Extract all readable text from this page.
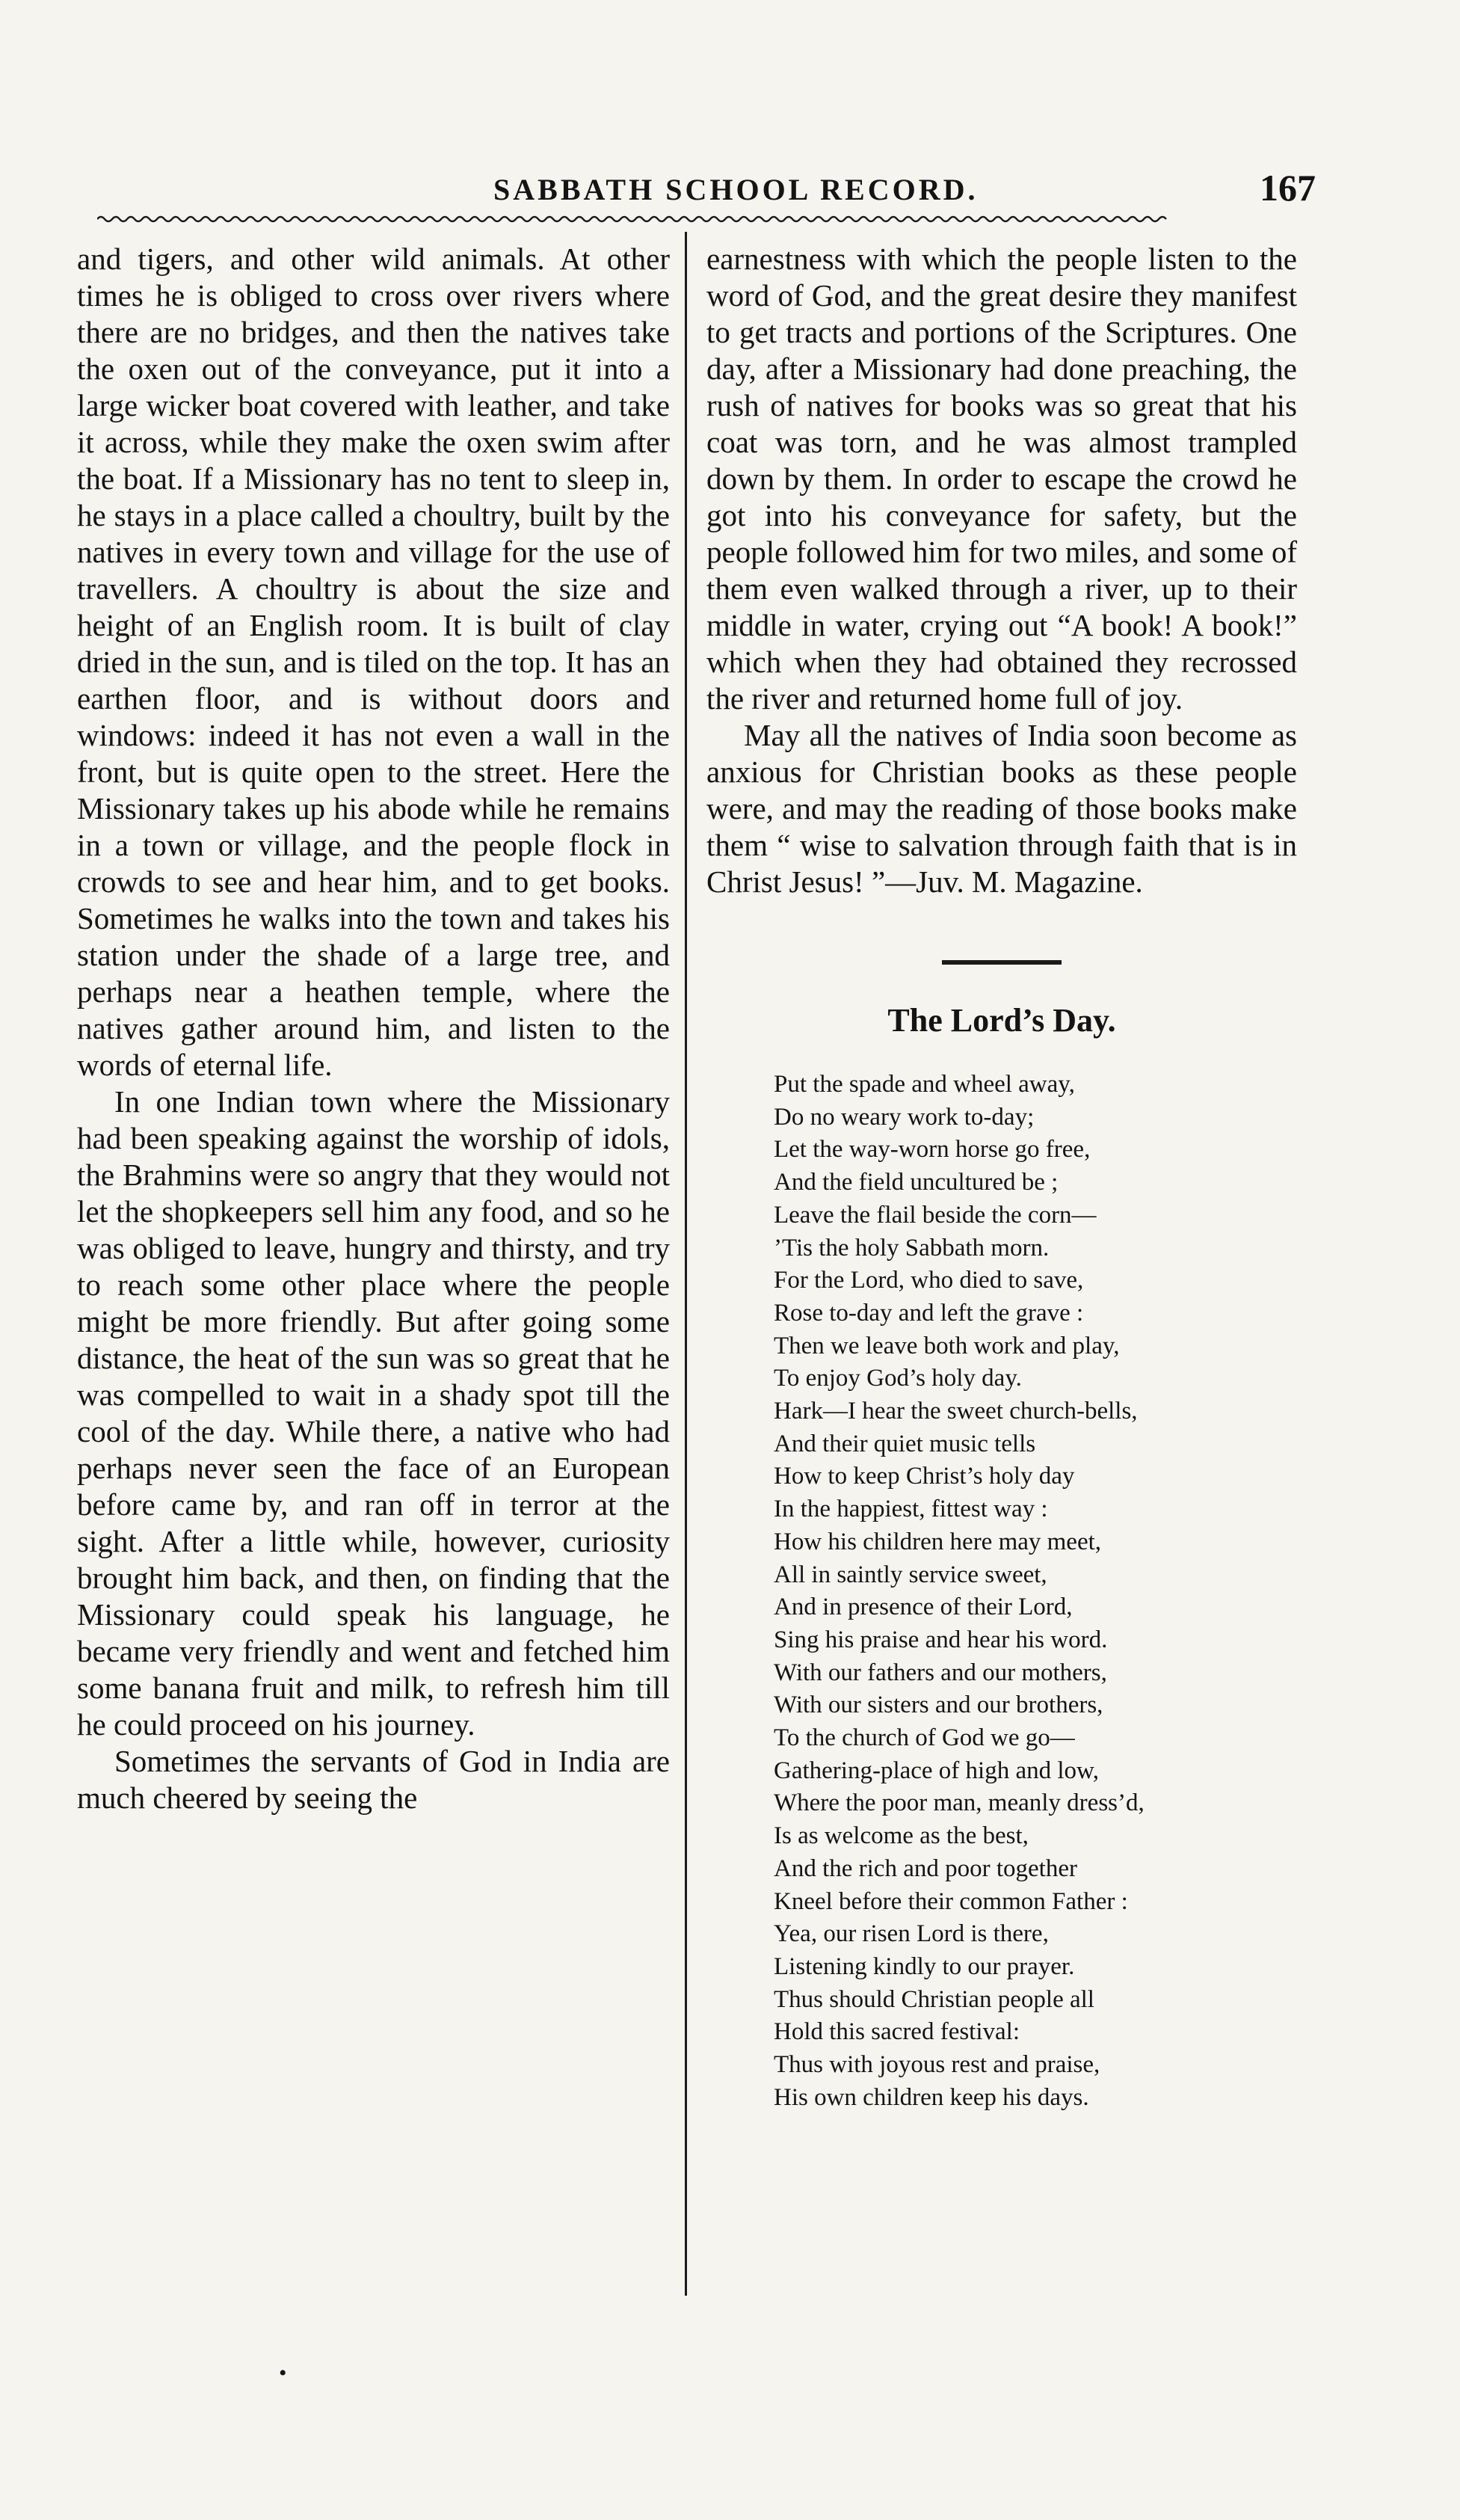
SABBATH SCHOOL RECORD.	167

and tigers, and other wild animals. At other times he is obliged to cross over rivers where there are no bridges, and then the natives take the oxen out of the conveyance, put it into a large wicker boat covered with leather, and take it across, while they make the oxen swim after the boat. If a Missionary has no tent to sleep in, he stays in a place called a choultry, built by the natives in every town and village for the use of travellers. A choultry is about the size and height of an English room. It is built of clay dried in the sun, and is tiled on the top. It has an earthen floor, and is without doors and windows: indeed it has not even a wall in the front, but is quite open to the street. Here the Missionary takes up his abode while he remains in a town or village, and the people flock in crowds to see and hear him, and to get books. Sometimes he walks into the town and takes his station under the shade of a large tree, and perhaps near a heathen temple, where the natives gather around him, and listen to the words of eternal life.

In one Indian town where the Missionary had been speaking against the worship of idols, the Brahmins were so angry that they would not let the shopkeepers sell him any food, and so he was obliged to leave, hungry and thirsty, and try to reach some other place where the people might be more friendly. But after going some distance, the heat of the sun was so great that he was compelled to wait in a shady spot till the cool of the day. While there, a native who had perhaps never seen the face of an European before came by, and ran off in terror at the sight. After a little while, however, curiosity brought him back, and then, on finding that the Missionary could speak his language, he became very friendly and went and fetched him some banana fruit and milk, to refresh him till he could proceed on his journey.

Sometimes the servants of God in India are much cheered by seeing the

earnestness with which the people listen to the word of God, and the great desire they manifest to get tracts and portions of the Scriptures. One day, after a Missionary had done preaching, the rush of natives for books was so great that his coat was torn, and he was almost trampled down by them. In order to escape the crowd he got into his conveyance for safety, but the people followed him for two miles, and some of them even walked through a river, up to their middle in water, crying out “A book! A book!” which when they had obtained they recrossed the river and returned home full of joy.

May all the natives of India soon become as anxious for Christian books as these people were, and may the reading of those books make them “ wise to salvation through faith that is in Christ Jesus! ”—Juv. M. Magazine.

The Lord’s Day.
Put the spade and wheel away,
Do no weary work to-day;
Let the way-worn horse go free,
And the field uncultured be ;
Leave the flail beside the corn—
’Tis the holy Sabbath morn.
For the Lord, who died to save,
Rose to-day and left the grave :
Then we leave both work and play,
To enjoy God’s holy day.
Hark—I hear the sweet church-bells,
And their quiet music tells
How to keep Christ’s holy day
In the happiest, fittest way :
How his children here may meet,
All in saintly service sweet,
And in presence of their Lord,
Sing his praise and hear his word.
With our fathers and our mothers,
With our sisters and our brothers,
To the church of God we go—
Gathering-place of high and low,
Where the poor man, meanly dress’d,
Is as welcome as the best,
And the rich and poor together
Kneel before their common Father :
Yea, our risen Lord is there,
Listening kindly to our prayer.
Thus should Christian people all
Hold this sacred festival:
Thus with joyous rest and praise,
His own children keep his days.
•
